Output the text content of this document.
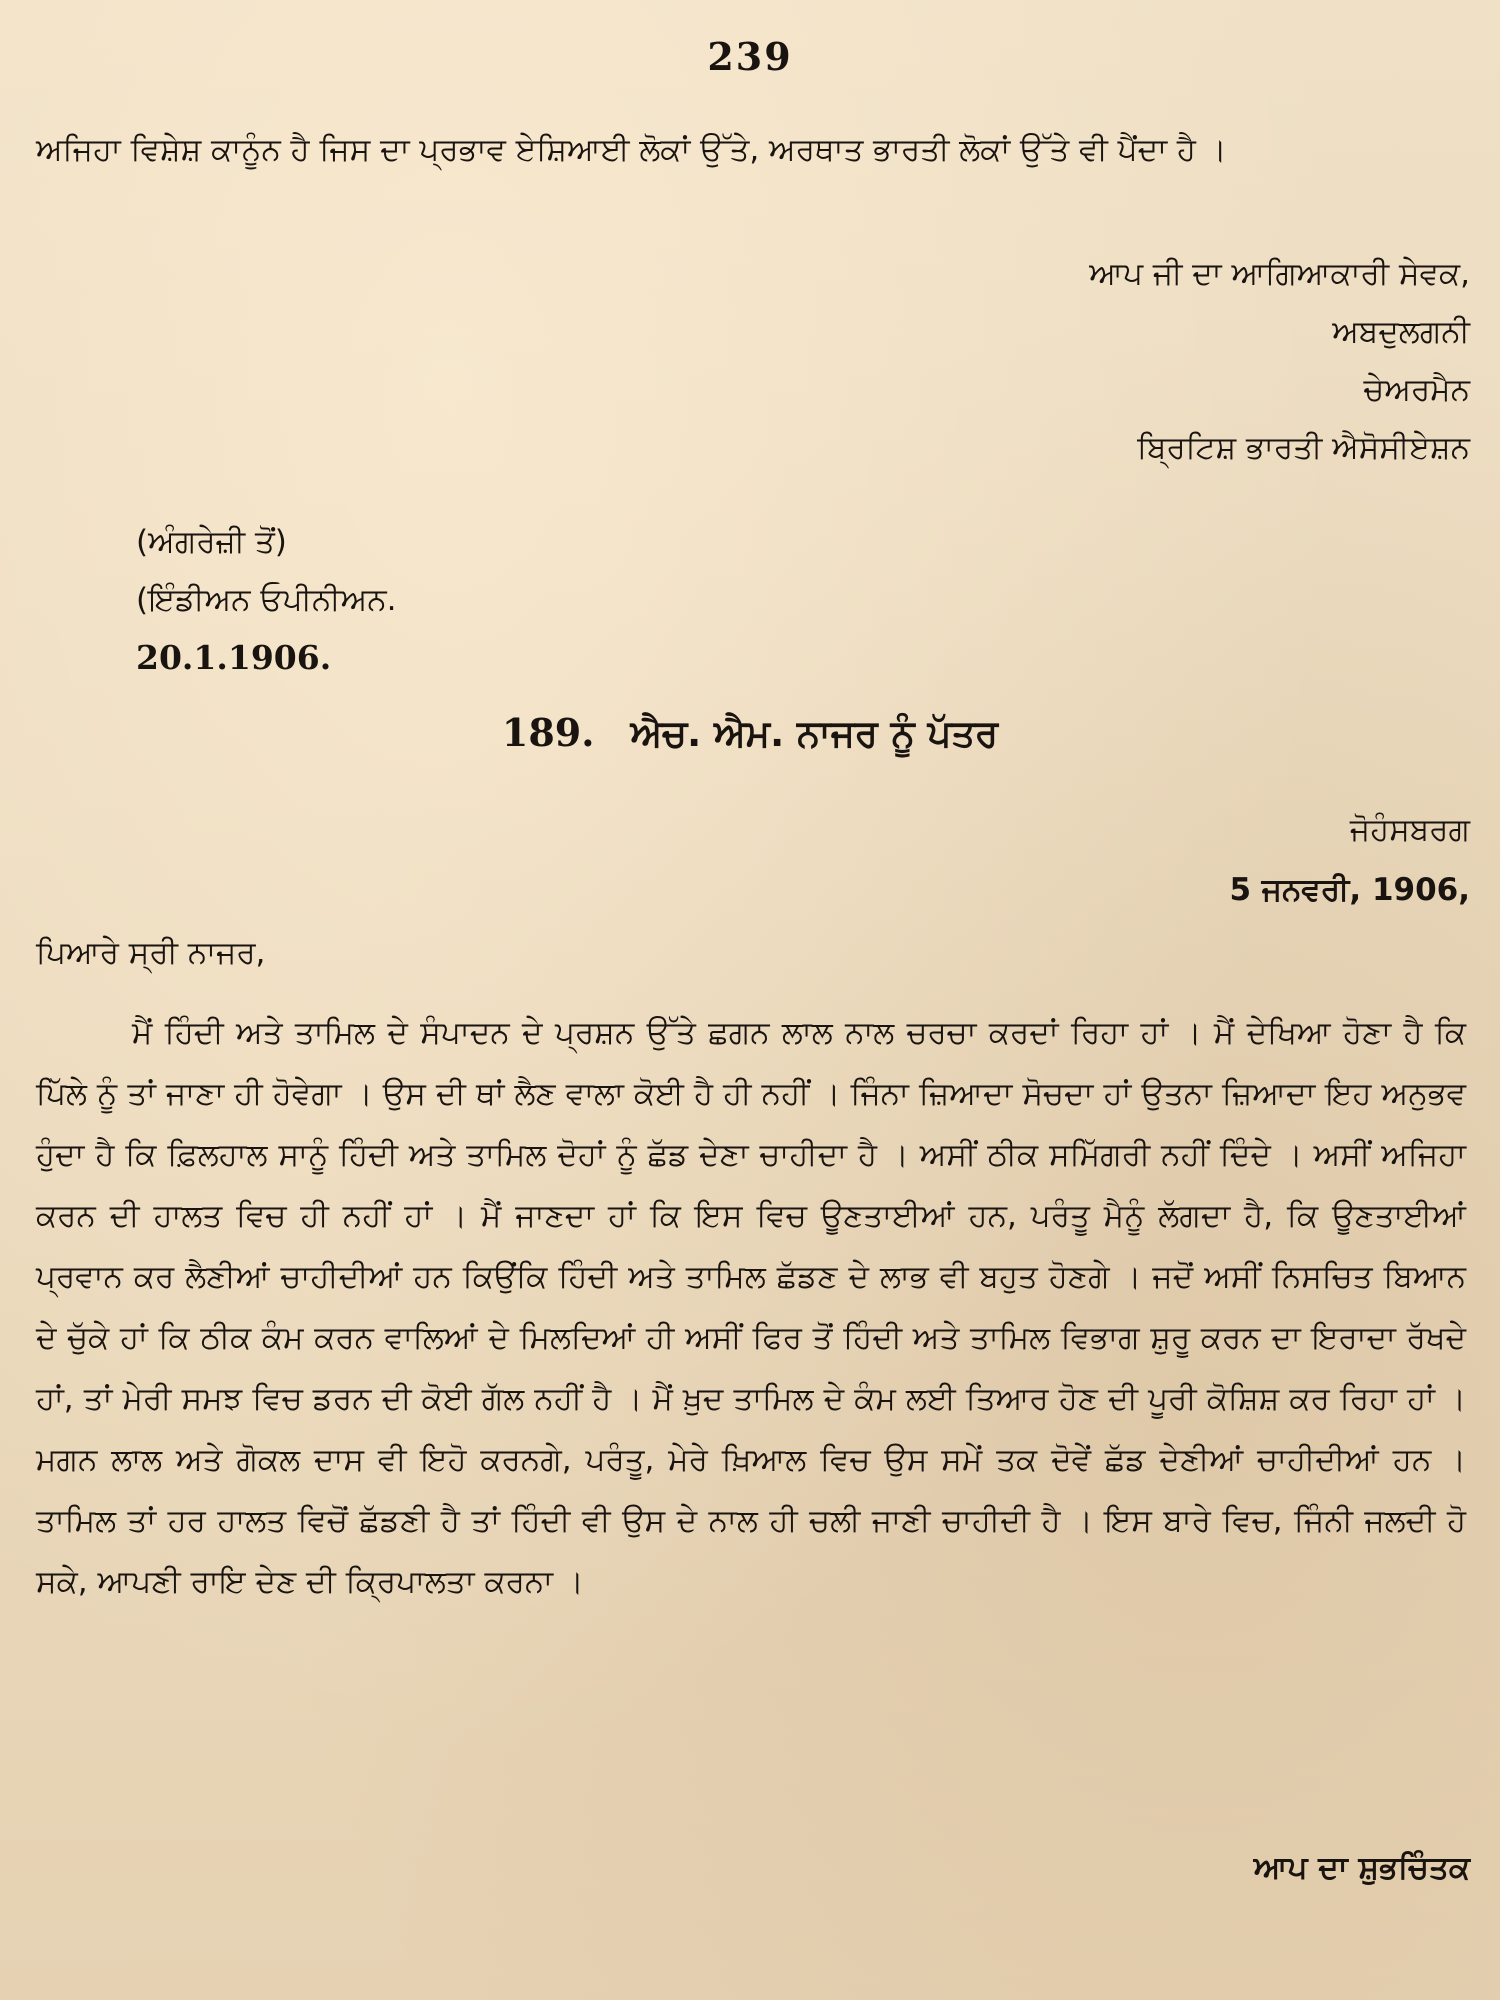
239
ਅਜਿਹਾ ਵਿਸ਼ੇਸ਼ ਕਾਨੂੰਨ ਹੈ ਜਿਸ ਦਾ ਪ੍ਰਭਾਵ ਏਸ਼ਿਆਈ ਲੋਕਾਂ ਉੱਤੇ, ਅਰਥਾਤ ਭਾਰਤੀ ਲੋਕਾਂ ਉੱਤੇ ਵੀ ਪੈਂਦਾ ਹੈ ।
ਆਪ ਜੀ ਦਾ ਆਗਿਆਕਾਰੀ ਸੇਵਕ,
ਅਬਦੁਲਗਨੀ
ਚੇਅਰਮੈਨ
ਬ੍ਰਿਟਿਸ਼ ਭਾਰਤੀ ਐਸੋਸੀਏਸ਼ਨ
(ਅੰਗਰੇਜ਼ੀ ਤੋਂ)
(ਇੰਡੀਅਨ ਓਪੀਨੀਅਨ.
20.1.1906.
189. ਐਚ. ਐਮ. ਨਾਜਰ ਨੂੰ ਪੱਤਰ
ਜੋਹੰਸਬਰਗ
5 ਜਨਵਰੀ, 1906,
ਪਿਆਰੇ ਸ੍ਰੀ ਨਾਜਰ,
ਮੈਂ ਹਿੰਦੀ ਅਤੇ ਤਾਮਿਲ ਦੇ ਸੰਪਾਦਨ ਦੇ ਪ੍ਰਸ਼ਨ ਉੱਤੇ ਛਗਨ ਲਾਲ ਨਾਲ ਚਰਚਾ ਕਰਦਾਂ ਰਿਹਾ ਹਾਂ । ਮੈਂ ਦੇਖਿਆ ਹੋਣਾ ਹੈ ਕਿ ਪਿੱਲੇ ਨੂੰ ਤਾਂ ਜਾਣਾ ਹੀ ਹੋਵੇਗਾ । ਉਸ ਦੀ ਥਾਂ ਲੈਣ ਵਾਲਾ ਕੋਈ ਹੈ ਹੀ ਨਹੀਂ । ਜਿੰਨਾ ਜ਼ਿਆਦਾ ਸੋਚਦਾ ਹਾਂ ਉਤਨਾ ਜ਼ਿਆਦਾ ਇਹ ਅਨੁਭਵ ਹੁੰਦਾ ਹੈ ਕਿ ਫ਼ਿਲਹਾਲ ਸਾਨੂੰ ਹਿੰਦੀ ਅਤੇ ਤਾਮਿਲ ਦੋਹਾਂ ਨੂੰ ਛੱਡ ਦੇਣਾ ਚਾਹੀਦਾ ਹੈ । ਅਸੀਂ ਠੀਕ ਸਮਿੱਗਰੀ ਨਹੀਂ ਦਿੰਦੇ । ਅਸੀਂ ਅਜਿਹਾ ਕਰਨ ਦੀ ਹਾਲਤ ਵਿਚ ਹੀ ਨਹੀਂ ਹਾਂ । ਮੈਂ ਜਾਣਦਾ ਹਾਂ ਕਿ ਇਸ ਵਿਚ ਊਣਤਾਈਆਂ ਹਨ, ਪਰੰਤੂ ਮੈਨੂੰ ਲੱਗਦਾ ਹੈ, ਕਿ ਊਣਤਾਈਆਂ ਪ੍ਰਵਾਨ ਕਰ ਲੈਣੀਆਂ ਚਾਹੀਦੀਆਂ ਹਨ ਕਿਉਂਕਿ ਹਿੰਦੀ ਅਤੇ ਤਾਮਿਲ ਛੱਡਣ ਦੇ ਲਾਭ ਵੀ ਬਹੁਤ ਹੋਣਗੇ । ਜਦੋਂ ਅਸੀਂ ਨਿਸਚਿਤ ਬਿਆਨ ਦੇ ਚੁੱਕੇ ਹਾਂ ਕਿ ਠੀਕ ਕੰਮ ਕਰਨ ਵਾਲਿਆਂ ਦੇ ਮਿਲਦਿਆਂ ਹੀ ਅਸੀਂ ਫਿਰ ਤੋਂ ਹਿੰਦੀ ਅਤੇ ਤਾਮਿਲ ਵਿਭਾਗ ਸ਼ੁਰੂ ਕਰਨ ਦਾ ਇਰਾਦਾ ਰੱਖਦੇ ਹਾਂ, ਤਾਂ ਮੇਰੀ ਸਮਝ ਵਿਚ ਡਰਨ ਦੀ ਕੋਈ ਗੱਲ ਨਹੀਂ ਹੈ । ਮੈਂ ਖ਼ੁਦ ਤਾਮਿਲ ਦੇ ਕੰਮ ਲਈ ਤਿਆਰ ਹੋਣ ਦੀ ਪੂਰੀ ਕੋਸ਼ਿਸ਼ ਕਰ ਰਿਹਾ ਹਾਂ । ਮਗਨ ਲਾਲ ਅਤੇ ਗੋਕਲ ਦਾਸ ਵੀ ਇਹੋ ਕਰਨਗੇ, ਪਰੰਤੂ, ਮੇਰੇ ਖ਼ਿਆਲ ਵਿਚ ਉਸ ਸਮੇਂ ਤਕ ਦੋਵੇਂ ਛੱਡ ਦੇਣੀਆਂ ਚਾਹੀਦੀਆਂ ਹਨ । ਤਾਮਿਲ ਤਾਂ ਹਰ ਹਾਲਤ ਵਿਚੋਂ ਛੱਡਣੀ ਹੈ ਤਾਂ ਹਿੰਦੀ ਵੀ ਉਸ ਦੇ ਨਾਲ ਹੀ ਚਲੀ ਜਾਣੀ ਚਾਹੀਦੀ ਹੈ । ਇਸ ਬਾਰੇ ਵਿਚ, ਜਿੰਨੀ ਜਲਦੀ ਹੋ ਸਕੇ, ਆਪਣੀ ਰਾਇ ਦੇਣ ਦੀ ਕ੍ਰਿਪਾਲਤਾ ਕਰਨਾ ।
ਆਪ ਦਾ ਸ਼ੁਭਚਿੰਤਕ
